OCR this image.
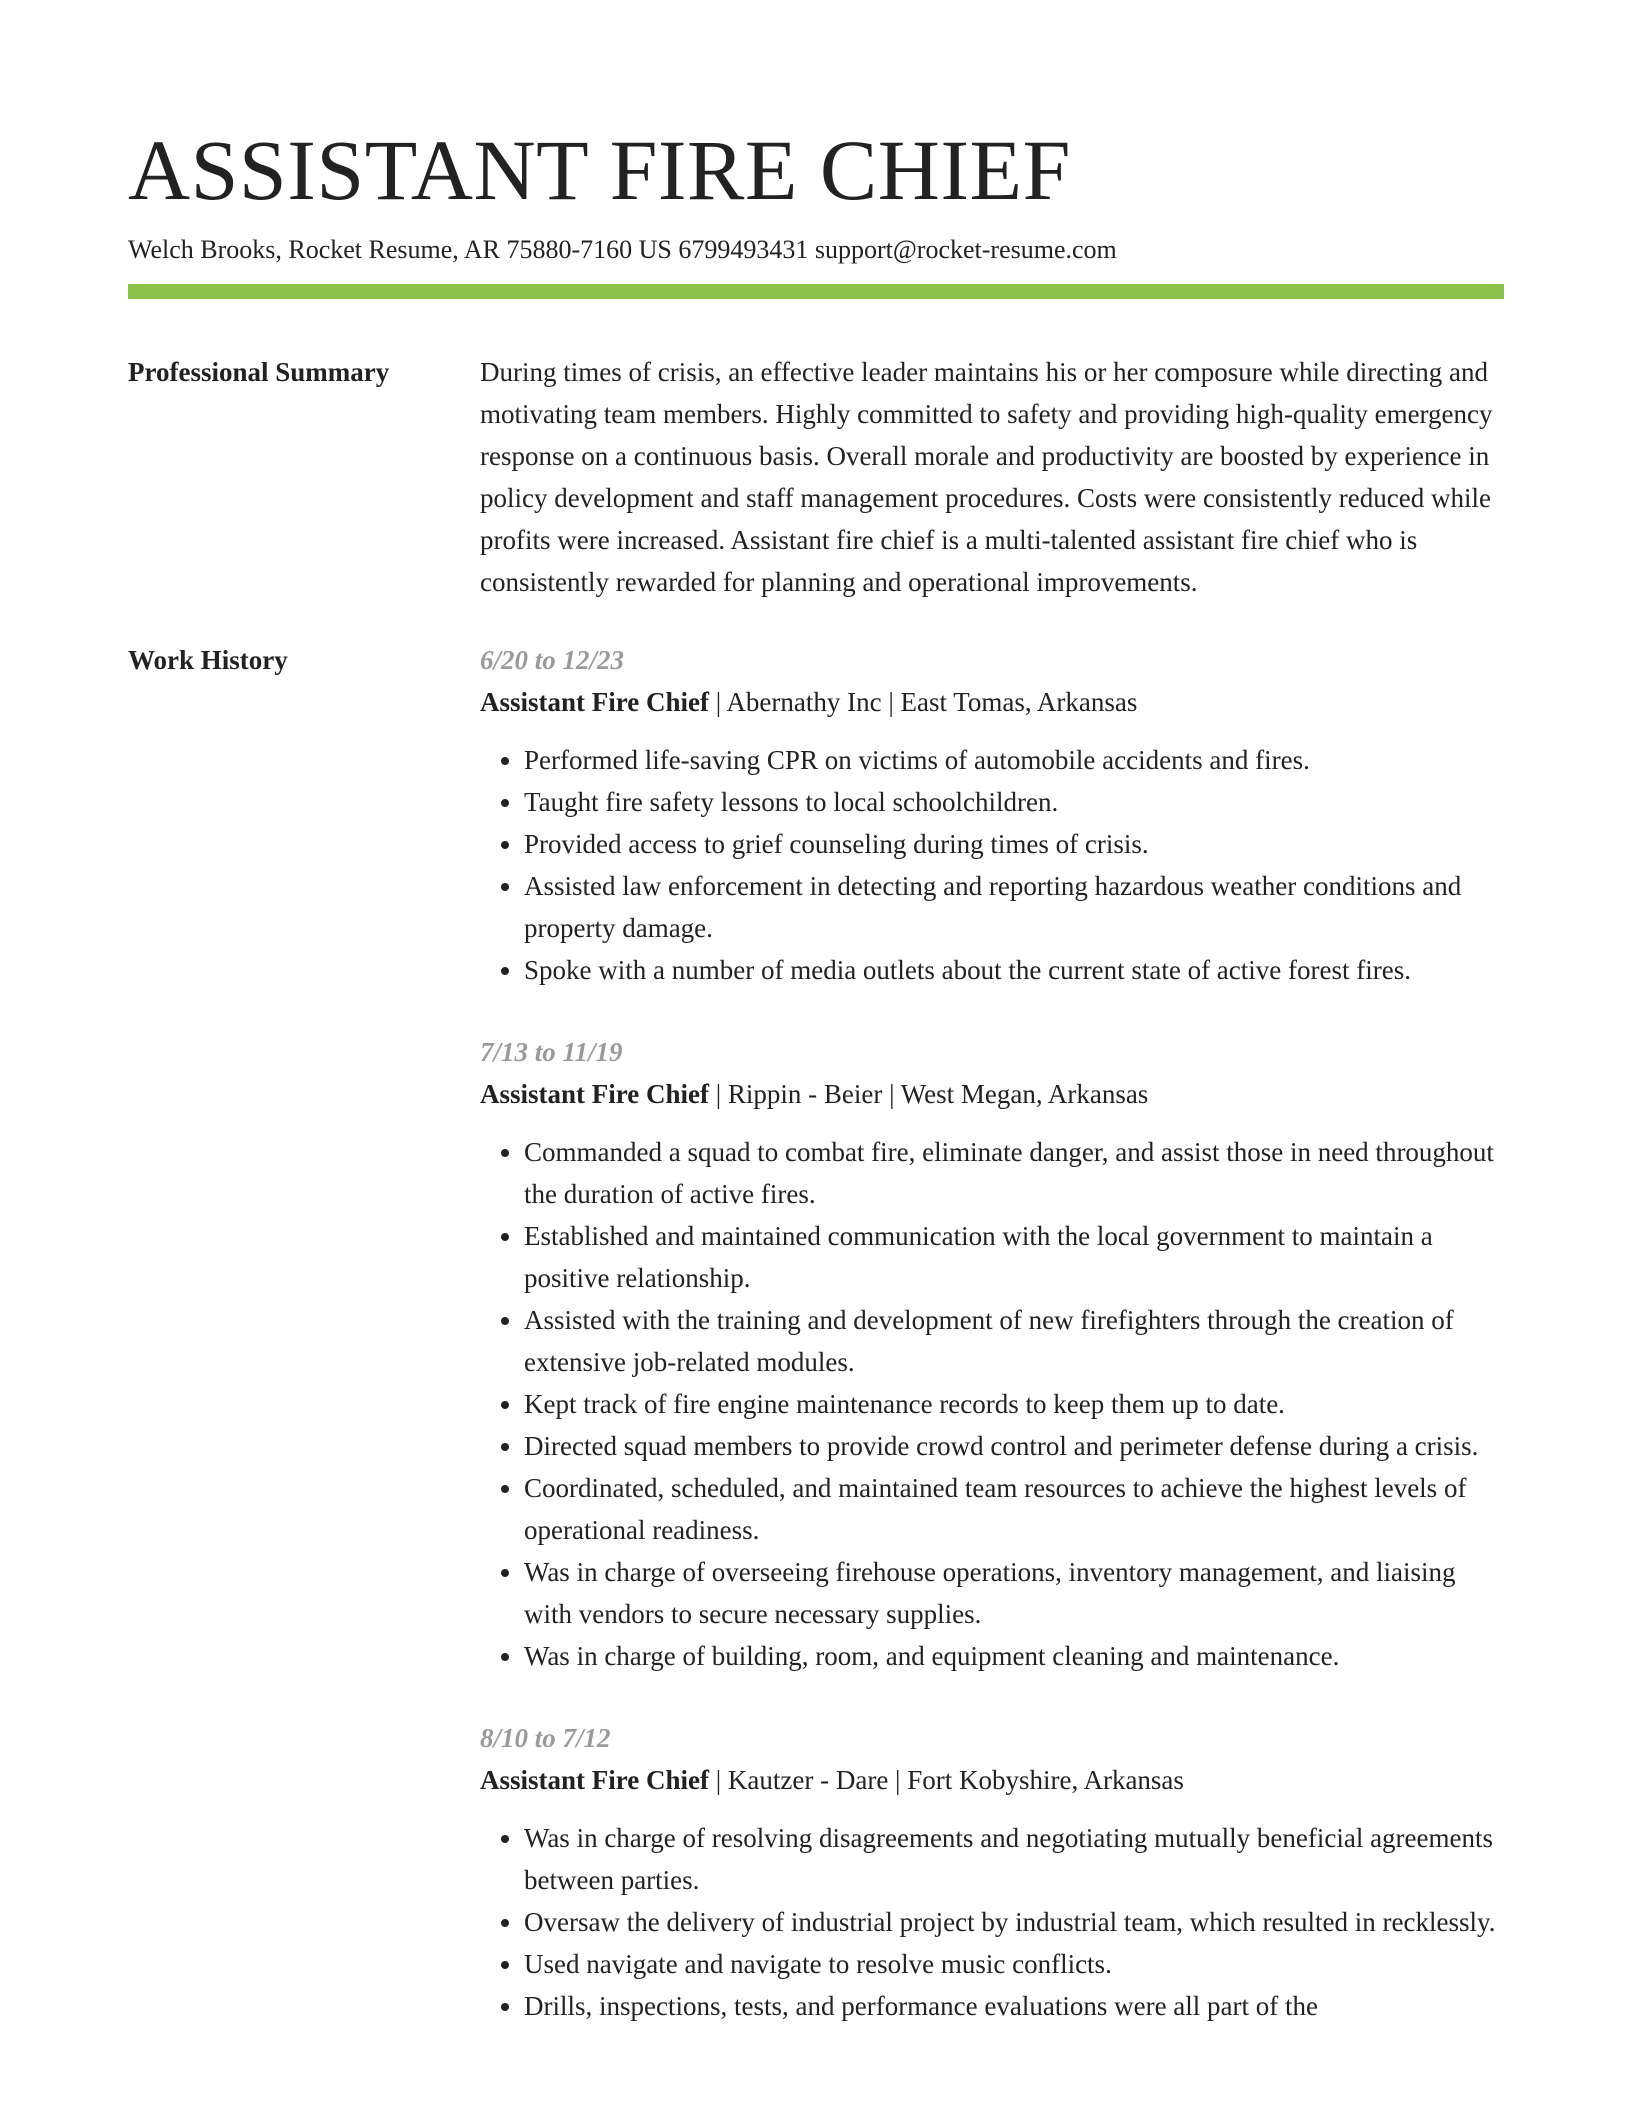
ASSISTANT FIRE CHIEF
Welch Brooks, Rocket Resume, AR 75880-7160 US 6799493431 support@rocket-resume.com
Professional Summary	During times of crisis, an effective leader maintains his or her composure while directing and motivating team members. Highly committed to safety and providing high-quality emergency response on a continuous basis. Overall morale and productivity are boosted by experience in policy development and staff management procedures. Costs were consistently reduced while profits were increased. Assistant fire chief is a multi-talented assistant fire chief who is consistently rewarded for planning and operational improvements.

Work History	6/20 to 12/23
Assistant Fire Chief | Abernathy Inc | East Tomas, Arkansas
• Performed life-saving CPR on victims of automobile accidents and fires.
• Taught fire safety lessons to local schoolchildren.
• Provided access to grief counseling during times of crisis.
• Assisted law enforcement in detecting and reporting hazardous weather conditions and property damage.
• Spoke with a number of media outlets about the current state of active forest fires.
7/13 to 11/19
Assistant Fire Chief | Rippin - Beier | West Megan, Arkansas
• Commanded a squad to combat fire, eliminate danger, and assist those in need throughout the duration of active fires.
• Established and maintained communication with the local government to maintain a positive relationship.
• Assisted with the training and development of new firefighters through the creation of extensive job-related modules.
• Kept track of fire engine maintenance records to keep them up to date.
• Directed squad members to provide crowd control and perimeter defense during a crisis.
• Coordinated, scheduled, and maintained team resources to achieve the highest levels of operational readiness.
• Was in charge of overseeing firehouse operations, inventory management, and liaising with vendors to secure necessary supplies.
• Was in charge of building, room, and equipment cleaning and maintenance.
8/10 to 7/12
Assistant Fire Chief | Kautzer - Dare | Fort Kobyshire, Arkansas
• Was in charge of resolving disagreements and negotiating mutually beneficial agreements between parties.
• Oversaw the delivery of industrial project by industrial team, which resulted in recklessly.
• Used navigate and navigate to resolve music conflicts.
• Drills, inspections, tests, and performance evaluations were all part of the
